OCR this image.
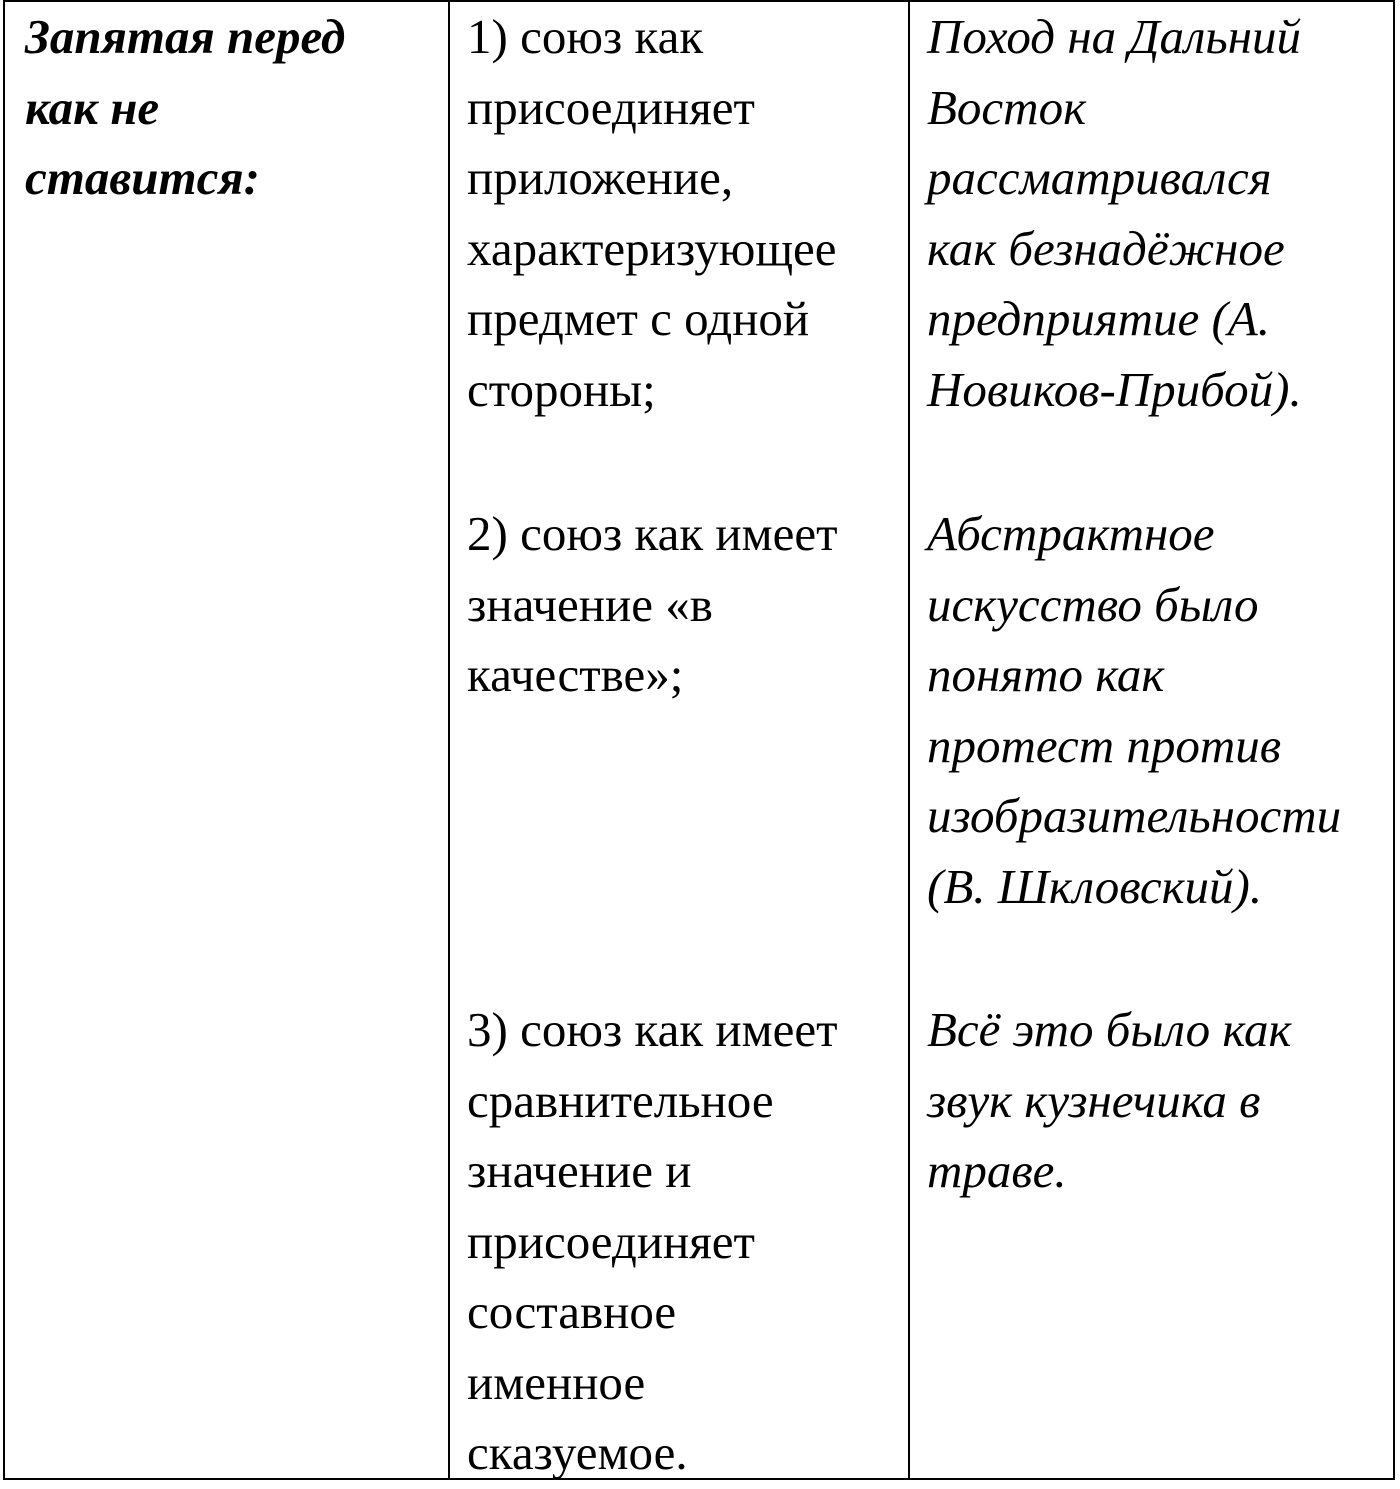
Запятая перед

как не

ставится:

1) союз как

присоединяет

приложение,

характеризующее

предмет с одной

стороны;

2) союз как имеет

значение «в

качестве»;

3) союз как имеет

сравнительное

значение и

присоединяет

составное

именное

сказуемое.

Поход на Дальний

Восток

рассматривался

как безнадёжное

предприятие (А.

Новиков-Прибой).

Абстрактное

искусство было

понято как

протест против

изобразительности

(В. Шкловский).

Всё это было как

звук кузнечика в

траве.
